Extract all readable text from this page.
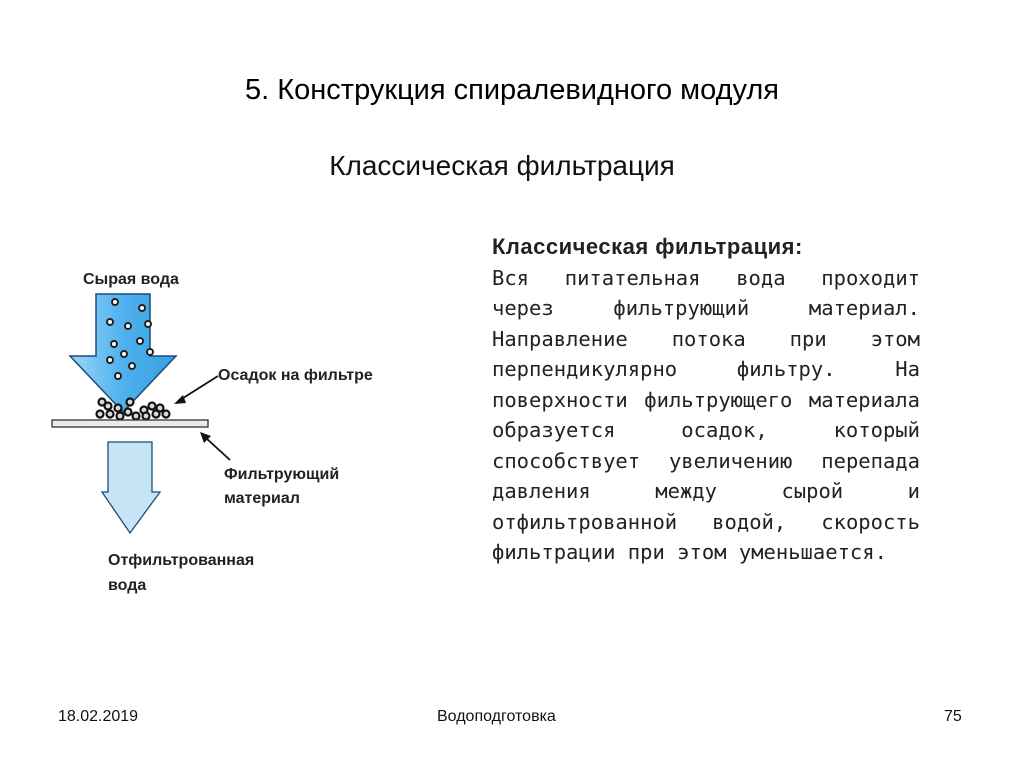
5. Конструкция спиралевидного модуля
Классическая фильтрация
Сырая вода
Осадок на фильтре
Фильтрующий
материал
Отфильтрованная
вода
Классическая фильтрация:
Вся питательная вода проходит через фильтрующий материал. Направление потока при этом перпендикулярно фильтру. На поверхности фильтрующего материала образуется осадок, который способствует увеличению перепада давления между сырой и отфильтрованной водой, скорость фильтрации при этом уменьшается.
18.02.2019	Водоподготовка	75
